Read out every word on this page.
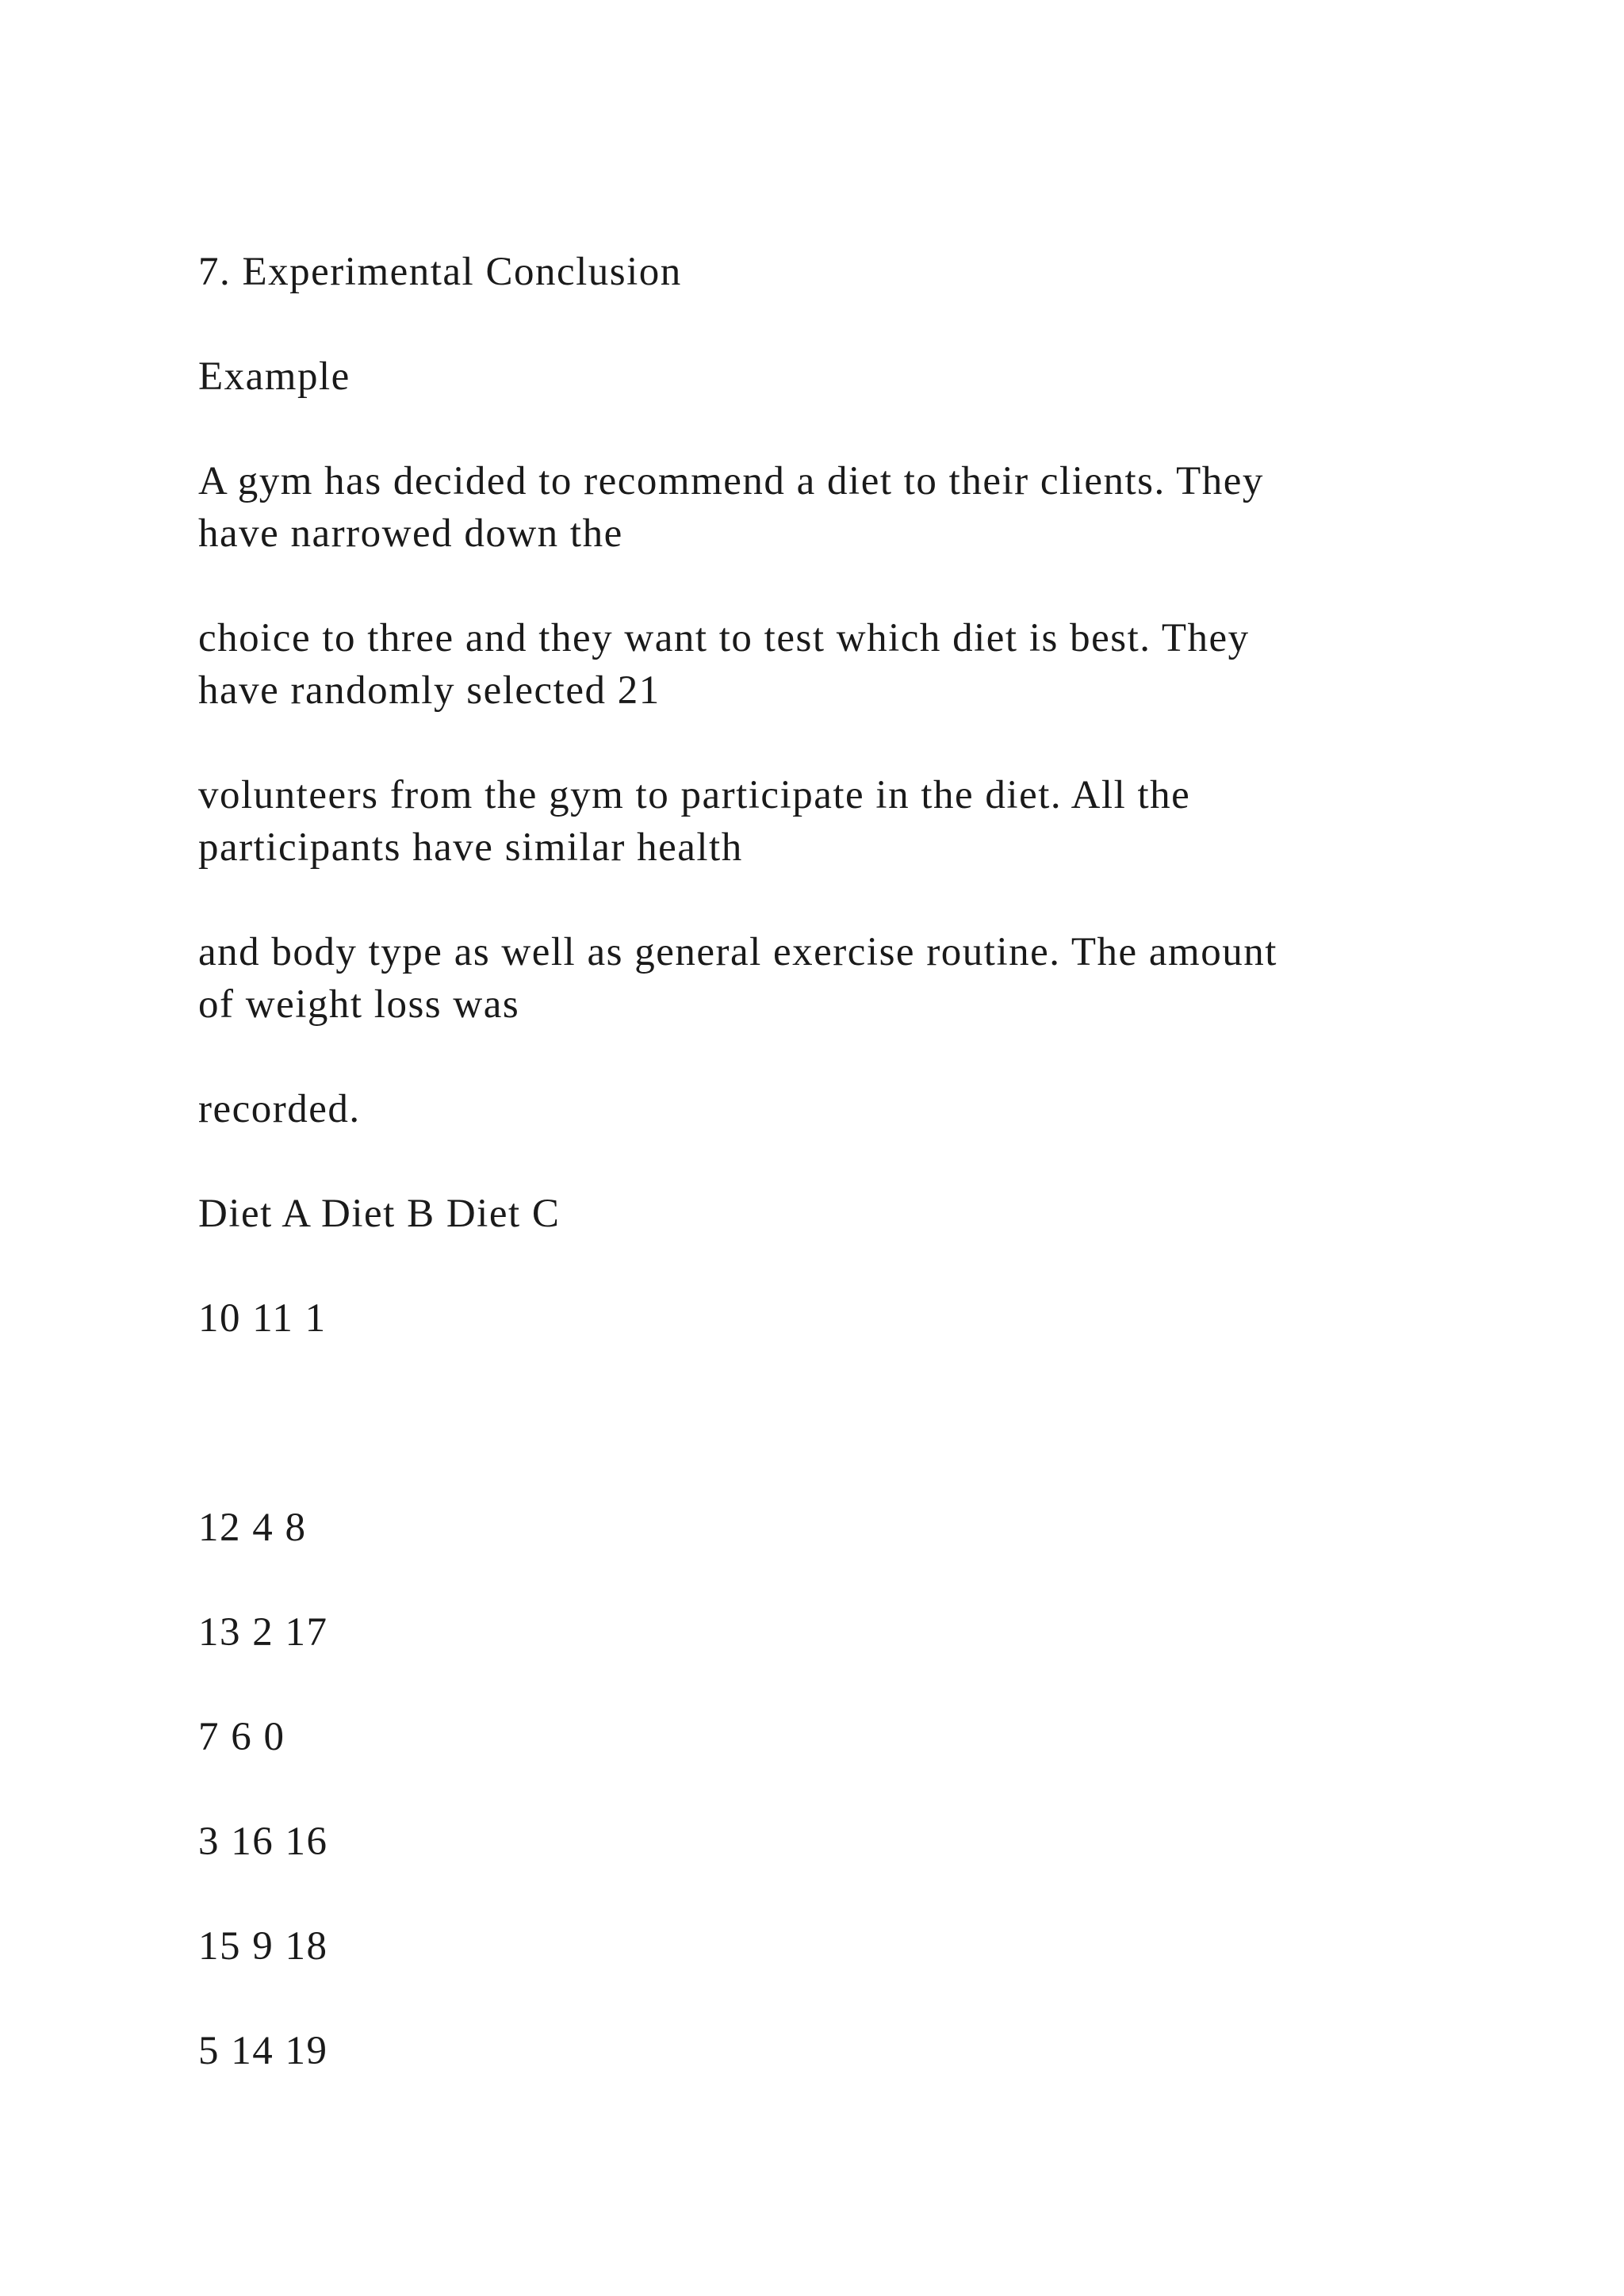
7. Experimental Conclusion
Example
A gym has decided to recommend a diet to their clients. They
have narrowed down the
choice to three and they want to test which diet is best. They
have randomly selected 21
volunteers from the gym to participate in the diet. All the
participants have similar health
and body type as well as general exercise routine. The amount
of weight loss was
recorded.
Diet A Diet B Diet C
10 11 1
12 4 8
13 2 17
7 6 0
3 16 16
15 9 18
5 14 19
